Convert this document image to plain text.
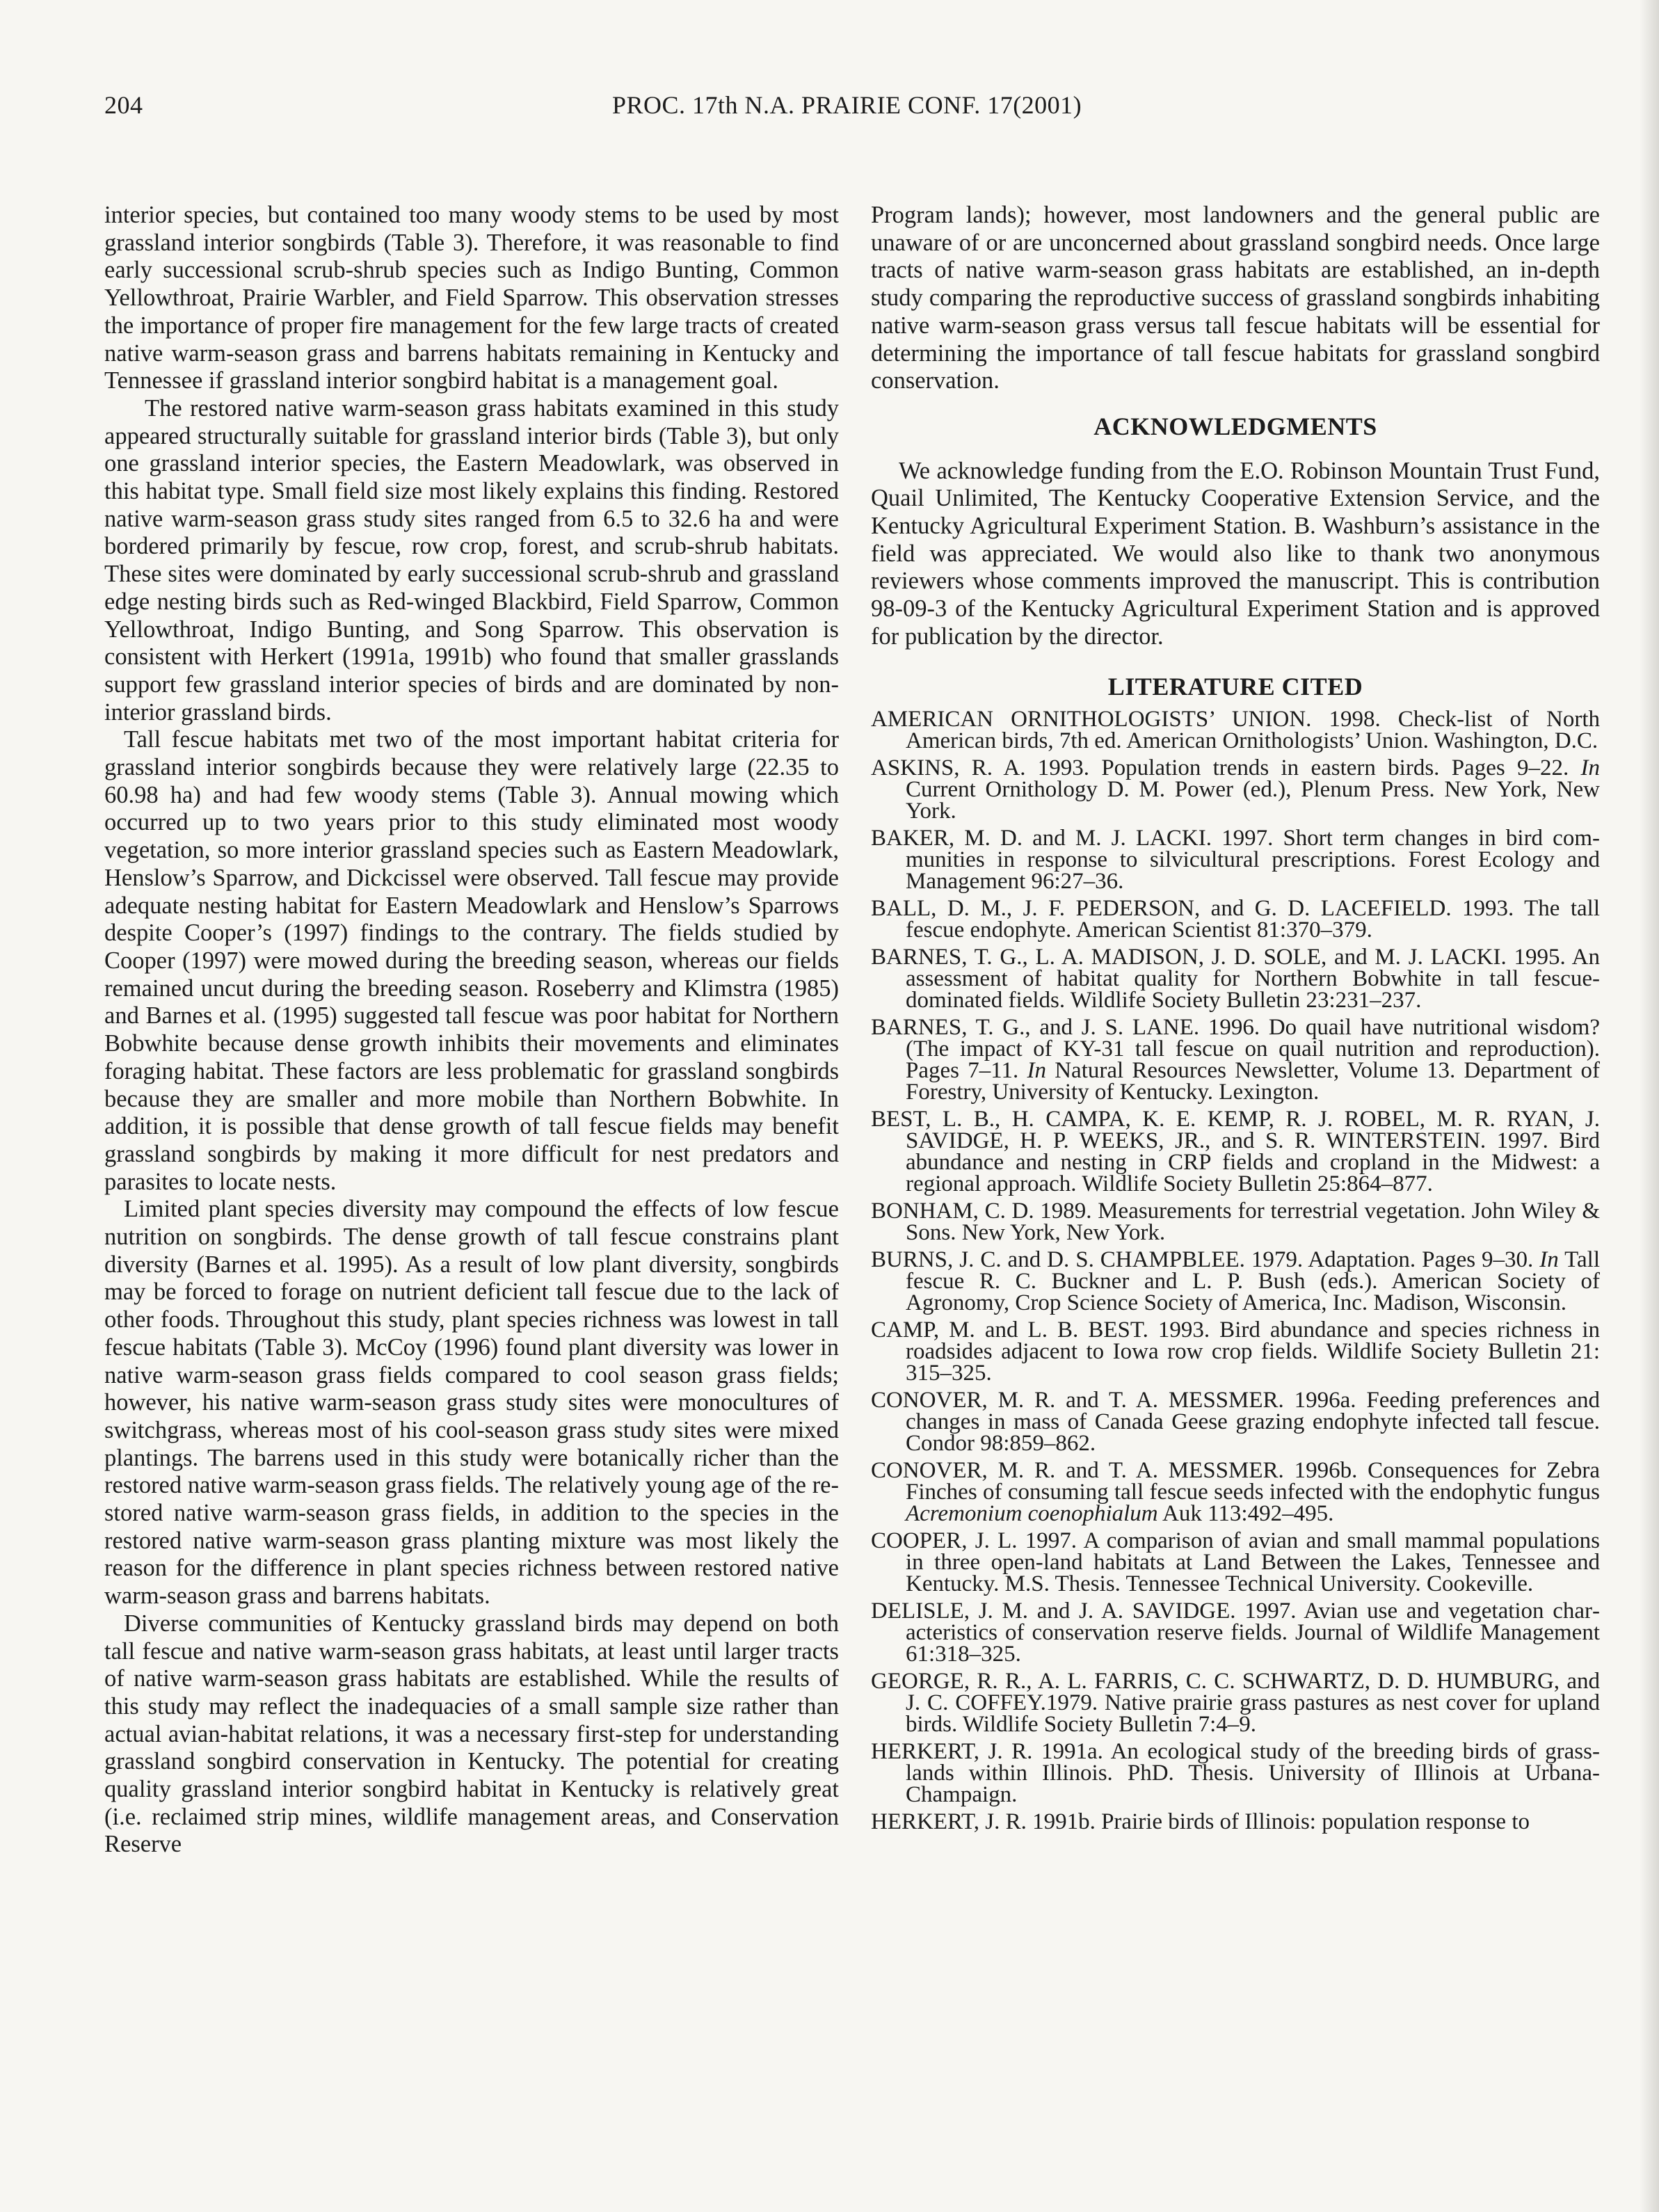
204	PROC. 17th N.A. PRAIRIE CONF. 17(2001)

interior species, but contained too many woody stems to be used by most grassland interior songbirds (Table 3). Therefore, it was reasonable to find early successional scrub-shrub species such as Indigo Bunting, Common Yellowthroat, Prairie Warbler, and Field Sparrow. This observation stresses the importance of proper fire management for the few large tracts of created native warm-season grass and barrens habitats remaining in Kentucky and Tennessee if grassland interior songbird habitat is a management goal.

The restored native warm-season grass habitats examined in this study appeared structurally suitable for grassland interior birds (Table 3), but only one grassland interior species, the Eastern Meadowlark, was observed in this habitat type. Small field size most likely explains this finding. Restored native warm-season grass study sites ranged from 6.5 to 32.6 ha and were bordered primarily by fescue, row crop, forest, and scrub-shrub habitats. These sites were dominated by early successional scrub-shrub and grassland edge nesting birds such as Red-winged Blackbird, Field Sparrow, Common Yellowthroat, Indigo Bunting, and Song Sparrow. This observation is consistent with Herkert (1991a, 1991b) who found that smaller grasslands support few grassland interior species of birds and are dominated by non-interior grassland birds.

Tall fescue habitats met two of the most important habitat criteria for grassland interior songbirds because they were relatively large (22.35 to 60.98 ha) and had few woody stems (Table 3). Annual mowing which occurred up to two years prior to this study eliminated most woody vegetation, so more interior grassland species such as Eastern Meadowlark, Henslow’s Sparrow, and Dickcissel were observed. Tall fescue may provide adequate nesting habitat for Eastern Meadowlark and Henslow’s Sparrows despite Cooper’s (1997) findings to the contrary. The fields studied by Cooper (1997) were mowed during the breeding season, whereas our fields remained uncut during the breeding season. Roseberry and Klimstra (1985) and Barnes et al. (1995) suggested tall fescue was poor habitat for Northern Bobwhite because dense growth inhibits their movements and eliminates foraging habitat. These factors are less problematic for grassland songbirds because they are smaller and more mobile than Northern Bobwhite. In addition, it is possible that dense growth of tall fescue fields may benefit grassland songbirds by making it more difficult for nest predators and parasites to locate nests.

Limited plant species diversity may compound the effects of low fescue nutrition on songbirds. The dense growth of tall fescue constrains plant diversity (Barnes et al. 1995). As a result of low plant diversity, songbirds may be forced to forage on nutrient deficient tall fescue due to the lack of other foods. Throughout this study, plant species richness was lowest in tall fescue habitats (Table 3). McCoy (1996) found plant diversity was lower in native warm-season grass fields compared to cool season grass fields; however, his native warm-season grass study sites were monocultures of switchgrass, whereas most of his cool-season grass study sites were mixed plantings. The barrens used in this study were botanically richer than the restored native warm-season grass fields. The relatively young age of the restored native warm-season grass fields, in addition to the species in the restored native warm-season grass planting mixture was most likely the reason for the difference in plant species richness between restored native warm-season grass and barrens habitats.

Diverse communities of Kentucky grassland birds may depend on both tall fescue and native warm-season grass habitats, at least until larger tracts of native warm-season grass habitats are established. While the results of this study may reflect the inadequacies of a small sample size rather than actual avian-habitat relations, it was a necessary first-step for understanding grassland songbird conservation in Kentucky. The potential for creating quality grassland interior songbird habitat in Kentucky is relatively great (i.e. reclaimed strip mines, wildlife management areas, and Conservation Reserve

Program lands); however, most landowners and the general public are unaware of or are unconcerned about grassland songbird needs. Once large tracts of native warm-season grass habitats are established, an in-depth study comparing the reproductive success of grassland songbirds inhabiting native warm-season grass versus tall fescue habitats will be essential for determining the importance of tall fescue habitats for grassland songbird conservation.

ACKNOWLEDGMENTS

We acknowledge funding from the E.O. Robinson Mountain Trust Fund, Quail Unlimited, The Kentucky Cooperative Extension Service, and the Kentucky Agricultural Experiment Station. B. Washburn’s assistance in the field was appreciated. We would also like to thank two anonymous reviewers whose comments improved the manuscript. This is contribution 98-09-3 of the Kentucky Agricultural Experiment Station and is approved for publication by the director.

LITERATURE CITED
AMERICAN ORNITHOLOGISTS’ UNION. 1998. Check-list of North American birds, 7th ed. American Ornithologists’ Union. Washington, D.C.
ASKINS, R. A. 1993. Population trends in eastern birds. Pages 9–22. In Current Ornithology D. M. Power (ed.), Plenum Press. New York, New York.
BAKER, M. D. and M. J. LACKI. 1997. Short term changes in bird communities in response to silvicultural prescriptions. Forest Ecology and Management 96:27–36.
BALL, D. M., J. F. PEDERSON, and G. D. LACEFIELD. 1993. The tall fescue endophyte. American Scientist 81:370–379.
BARNES, T. G., L. A. MADISON, J. D. SOLE, and M. J. LACKI. 1995. An assessment of habitat quality for Northern Bobwhite in tall fescue-dominated fields. Wildlife Society Bulletin 23:231–237.
BARNES, T. G., and J. S. LANE. 1996. Do quail have nutritional wisdom? (The impact of KY-31 tall fescue on quail nutrition and reproduction). Pages 7–11. In Natural Resources Newsletter, Volume 13. Department of Forestry, University of Kentucky. Lexington.
BEST, L. B., H. CAMPA, K. E. KEMP, R. J. ROBEL, M. R. RYAN, J. SAVIDGE, H. P. WEEKS, JR., and S. R. WINTERSTEIN. 1997. Bird abundance and nesting in CRP fields and cropland in the Midwest: a regional approach. Wildlife Society Bulletin 25:864–877.
BONHAM, C. D. 1989. Measurements for terrestrial vegetation. John Wiley & Sons. New York, New York.
BURNS, J. C. and D. S. CHAMPBLEE. 1979. Adaptation. Pages 9–30. In Tall fescue R. C. Buckner and L. P. Bush (eds.). American Society of Agronomy, Crop Science Society of America, Inc. Madison, Wisconsin.
CAMP, M. and L. B. BEST. 1993. Bird abundance and species richness in roadsides adjacent to Iowa row crop fields. Wildlife Society Bulletin 21: 315–325.
CONOVER, M. R. and T. A. MESSMER. 1996a. Feeding preferences and changes in mass of Canada Geese grazing endophyte infected tall fescue. Condor 98:859–862.
CONOVER, M. R. and T. A. MESSMER. 1996b. Consequences for Zebra Finches of consuming tall fescue seeds infected with the endophytic fungus Acremonium coenophialum Auk 113:492–495.
COOPER, J. L. 1997. A comparison of avian and small mammal populations in three open-land habitats at Land Between the Lakes, Tennessee and Kentucky. M.S. Thesis. Tennessee Technical University. Cookeville.
DELISLE, J. M. and J. A. SAVIDGE. 1997. Avian use and vegetation characteristics of conservation reserve fields. Journal of Wildlife Management 61:318–325.
GEORGE, R. R., A. L. FARRIS, C. C. SCHWARTZ, D. D. HUMBURG, and J. C. COFFEY.1979. Native prairie grass pastures as nest cover for upland birds. Wildlife Society Bulletin 7:4–9.
HERKERT, J. R. 1991a. An ecological study of the breeding birds of grasslands within Illinois. PhD. Thesis. University of Illinois at Urbana-Champaign.
HERKERT, J. R. 1991b. Prairie birds of Illinois: population response to
